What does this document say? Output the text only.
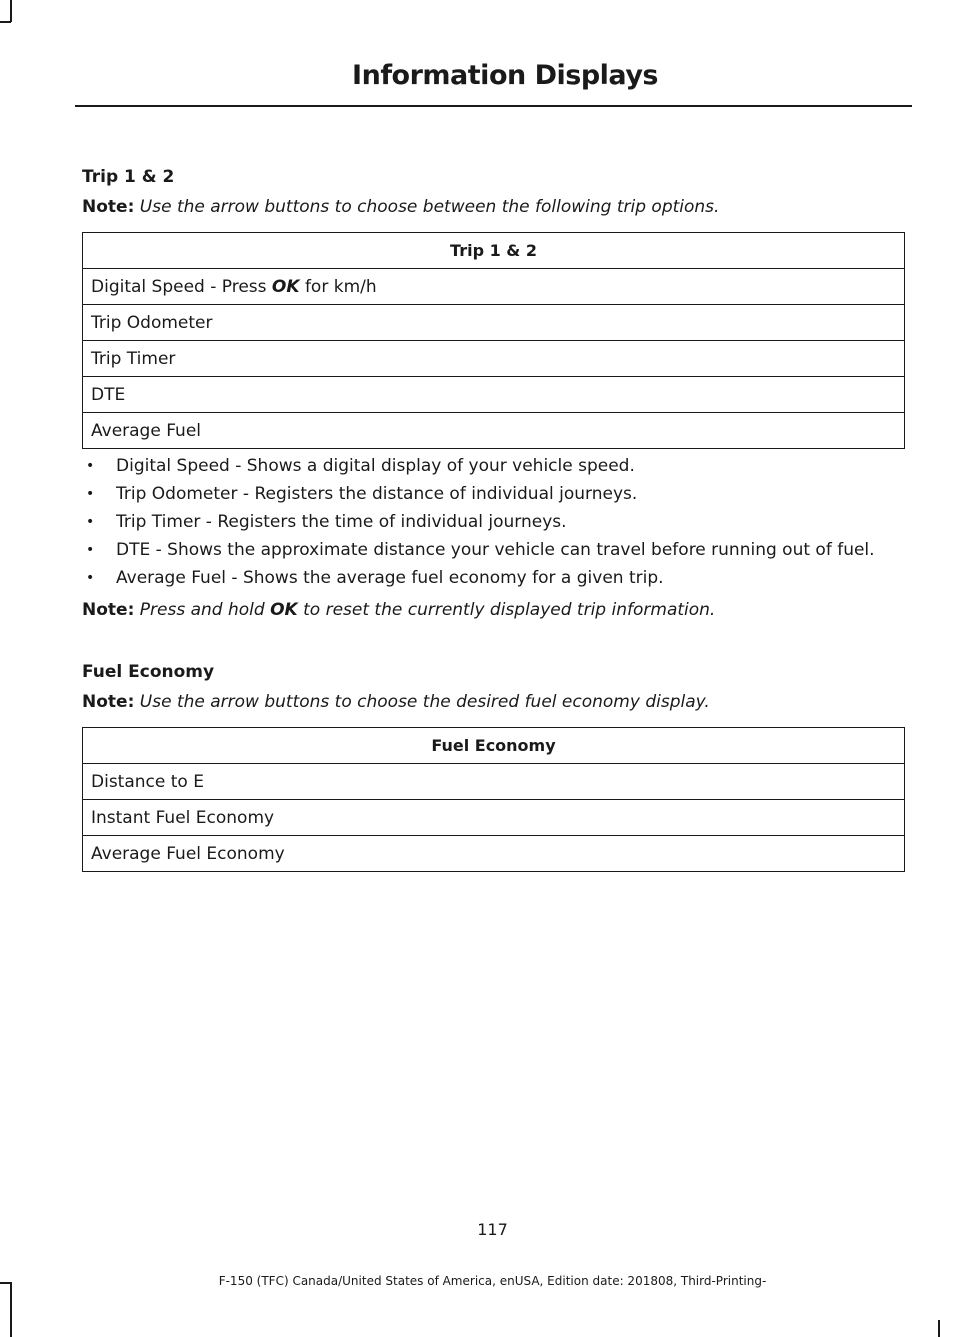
Information Displays
Trip 1 & 2
Note: Use the arrow buttons to choose between the following trip options.
Trip 1 & 2
Digital Speed - Press OK for km/h
Trip Odometer
Trip Timer
DTE
Average Fuel
• Digital Speed - Shows a digital display of your vehicle speed.
• Trip Odometer - Registers the distance of individual journeys.
• Trip Timer - Registers the time of individual journeys.
• DTE - Shows the approximate distance your vehicle can travel before running out of fuel.
• Average Fuel - Shows the average fuel economy for a given trip.
Note: Press and hold OK to reset the currently displayed trip information.
Fuel Economy
Note: Use the arrow buttons to choose the desired fuel economy display.
Fuel Economy
Distance to E
Instant Fuel Economy
Average Fuel Economy
117
F-150 (TFC) Canada/United States of America, enUSA, Edition date: 201808, Third-Printing-
